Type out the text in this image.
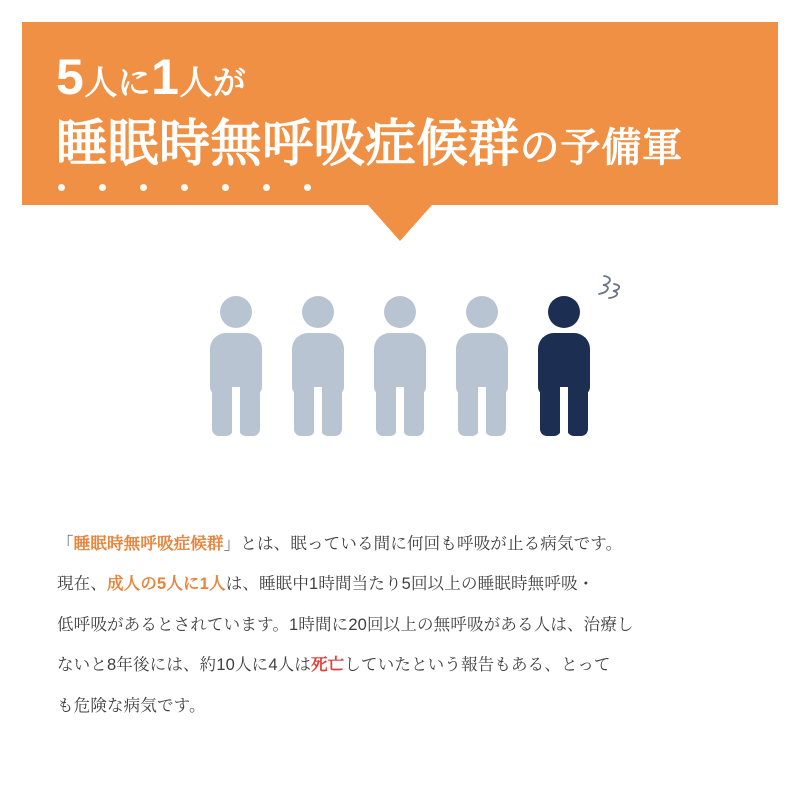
5人に1人が
睡眠時無呼吸症候群の予備軍

「睡眠時無呼吸症候群」とは、眠っている間に何回も呼吸が止る病気です。

現在、成人の5人に1人は、睡眠中1時間当たり5回以上の睡眠時無呼吸・

低呼吸があるとされています。1時間に20回以上の無呼吸がある人は、治療し

ないと8年後には、約10人に4人は死亡していたという報告もある、とって

も危険な病気です。
